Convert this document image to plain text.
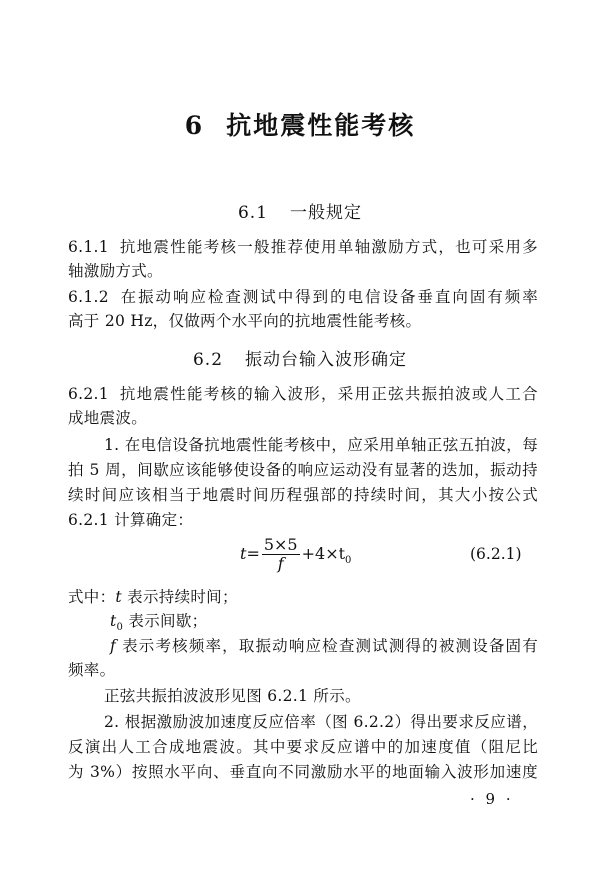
6 抗地震性能考核
6.1 一般规定
6.1.1 抗地震性能考核一般推荐使用单轴激励方式，也可采用多
轴激励方式。
6.1.2 在振动响应检查测试中得到的电信设备垂直向固有频率
高于 20 Hz，仅做两个水平向的抗地震性能考核。
6.2 振动台输入波形确定
6.2.1 抗地震性能考核的输入波形，采用正弦共振拍波或人工合
成地震波。
1. 在电信设备抗地震性能考核中，应采用单轴正弦五拍波，每
拍 5 周，间歇应该能够使设备的响应运动没有显著的迭加，振动持
续时间应该相当于地震时间历程强部的持续时间，其大小按公式
6.2.1 计算确定：
$t= \frac{5\times 5}{f} +4\times t_0$	(6.2.1)
式中：t 表示持续时间；
$t_0$ 表示间歇；
f 表示考核频率，取振动响应检查测试测得的被测设备固有
频率。
正弦共振拍波波形见图 6.2.1 所示。
2. 根据激励波加速度反应倍率（图 6.2.2）得出要求反应谱，
反演出人工合成地震波。其中要求反应谱中的加速度值（阻尼比
为 3%）按照水平向、垂直向不同激励水平的地面输入波形加速度
· 9 ·
